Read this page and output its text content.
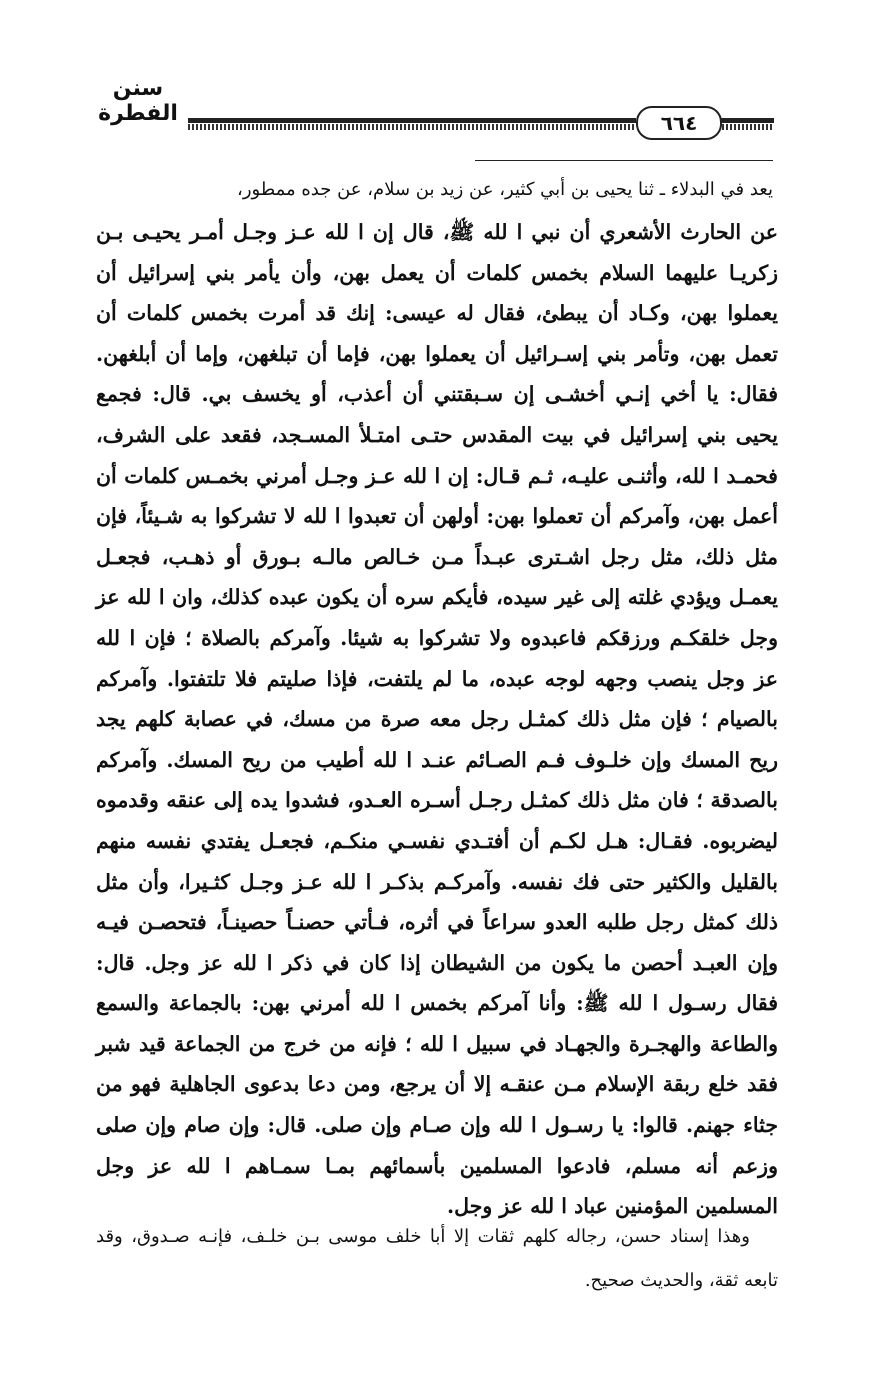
سنن الفطرة	٦٦٤
يعد في البدلاء ـ ثنا يحيى بن أبي كثير، عن زيد بن سلام، عن جده ممطور،

عن الحارث الأشعري أن نبي ا لله ﷺ، قال إن ا لله عـز وجـل أمـر يحيـى بـن زكريـا عليهما السلام بخمس كلمات أن يعمل بهن، وأن يأمر بني إسرائيل أن يعملوا بهن، وكـاد أن يبطئ، فقال له عيسى: إنك قد أمرت بخمس كلمات أن تعمل بهن، وتأمر بني إسـرائيل أن يعملوا بهن، فإما أن تبلغهن، وإما أن أبلغهن. فقال: يا أخي إنـي أخشـى إن سـبقتني أن أعذب، أو يخسف بي. قال: فجمع يحيى بني إسرائيل في بيت المقدس حتـى امتـلأ المسـجد، فقعد على الشرف، فحمـد ا لله، وأثنـى عليـه، ثـم قـال: إن ا لله عـز وجـل أمرني بخمـس كلمات أن أعمل بهن، وآمركم أن تعملوا بهن: أولهن أن تعبدوا ا لله لا تشركوا به شـيئاً، فإن مثل ذلك، مثل رجل اشـترى عبـداً مـن خـالص مالـه بـورق أو ذهـب، فجعـل يعمـل ويؤدي غلته إلى غير سيده، فأيكم سره أن يكون عبده كذلك، وان ا لله عز وجل خلقكـم ورزقكم فاعبدوه ولا تشركوا به شيئا. وآمركم بالصلاة ؛ فإن ا لله عز وجل ينصب وجهه لوجه عبده، ما لم يلتفت، فإذا صليتم فلا تلتفتوا. وآمركم بالصيام ؛ فإن مثل ذلك كمثـل رجل معه صرة من مسك، في عصابة كلهم يجد ريح المسك وإن خلـوف فـم الصـائم عنـد ا لله أطيب من ريح المسك. وآمركم بالصدقة ؛ فان مثل ذلك كمثـل رجـل أسـره العـدو، فشدوا يده إلى عنقه وقدموه ليضربوه. فقـال: هـل لكـم أن أفتـدي نفسـي منكـم، فجعـل يفتدي نفسه منهم بالقليل والكثير حتى فك نفسه. وآمركـم بذكـر ا لله عـز وجـل كثـيرا، وأن مثل ذلك كمثل رجل طلبه العدو سراعاً في أثره، فـأتي حصنـاً حصينـاً، فتحصـن فيـه وإن العبـد أحصن ما يكون من الشيطان إذا كان في ذكر ا لله عز وجل. قال: فقال رسـول ا لله ﷺ: وأنا آمركم بخمس ا لله أمرني بهن: بالجماعة والسمع والطاعة والهجـرة والجهـاد في سبيل ا لله ؛ فإنه من خرج من الجماعة قيد شبر فقد خلع ربقة الإسلام مـن عنقـه إلا أن يرجع، ومن دعا بدعوى الجاهلية فهو من جثاء جهنم. قالوا: يا رسـول ا لله وإن صـام وإن صلى. قال: وإن صام وإن صلى وزعم أنه مسلم، فادعوا المسلمين بأسمائهم بمـا سمـاهم ا لله عز وجل المسلمين المؤمنين عباد ا لله عز وجل.

وهذا إسناد حسن، رجاله كلهم ثقات إلا أبا خلف موسى بـن خلـف، فإنـه صـدوق، وقد تابعه ثقة، والحديث صحيح.
